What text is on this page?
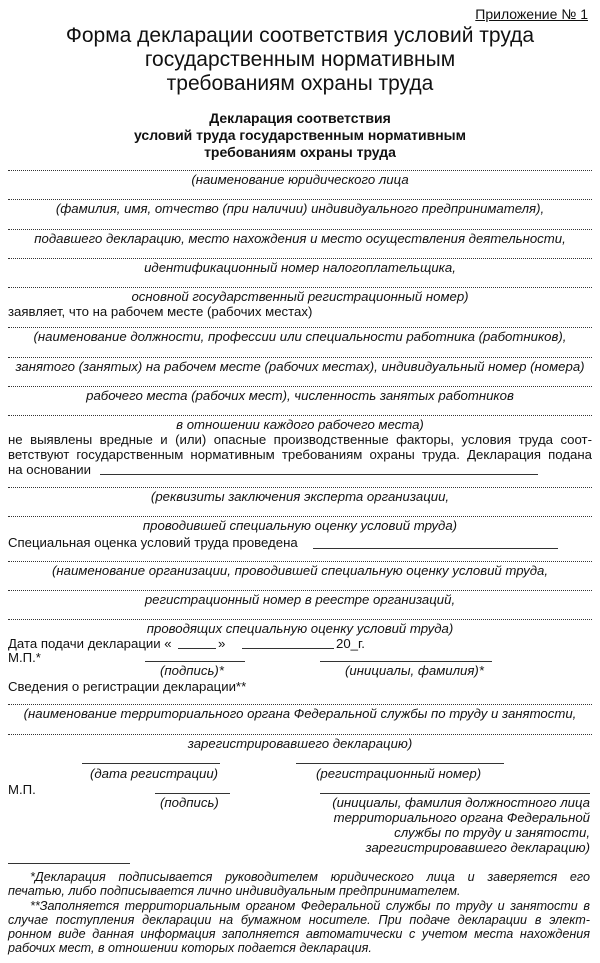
Приложение № 1
Форма декларации соответствия условий труда
государственным нормативным
требованиям охраны труда
Декларация соответствия
условий труда государственным нормативным
требованиям охраны труда
(наименование юридического лица
(фамилия, имя, отчество (при наличии) индивидуального предпринимателя),
подавшего декларацию, место нахождения и место осуществления деятельности,
идентификационный номер налогоплательщика,
основной государственный регистрационный номер)
заявляет, что на рабочем месте (рабочих местах)
(наименование должности, профессии или специальности работника (работников),
занятого (занятых) на рабочем месте (рабочих местах), индивидуальный номер (номера)
рабочего места (рабочих мест), численность занятых работников
в отношении каждого рабочего места)
не выявлены вредные и (или) опасные производственные факторы, условия труда соот-
ветствуют государственным нормативным требованиям охраны труда. Декларация подана
на основании
(реквизиты заключения эксперта организации,
проводившей специальную оценку условий труда)
Специальная оценка условий труда проведена
(наименование организации, проводившей специальную оценку условий труда,
регистрационный номер в реестре организаций,
проводящих специальную оценку условий труда)
Дата подачи декларации «	»	20_г.
М.П.*
(подпись)*	(инициалы, фамилия)*
Сведения о регистрации декларации**
(наименование территориального органа Федеральной службы по труду и занятости,
зарегистрировавшего декларацию)
(дата регистрации)	(регистрационный номер)
М.П.
(подпись)	(инициалы, фамилия должностного лица
территориального органа Федеральной
службы по труду и занятости,
зарегистрировавшего декларацию)
*Декларация подписывается руководителем юридического лица и заверяется его
печатью, либо подписывается лично индивидуальным предпринимателем.
**Заполняется территориальным органом Федеральной службы по труду и занятости в
случае поступления декларации на бумажном носителе. При подаче декларации в элект-
ронном виде данная информация заполняется автоматически с учетом места нахождения
рабочих мест, в отношении которых подается декларация.
